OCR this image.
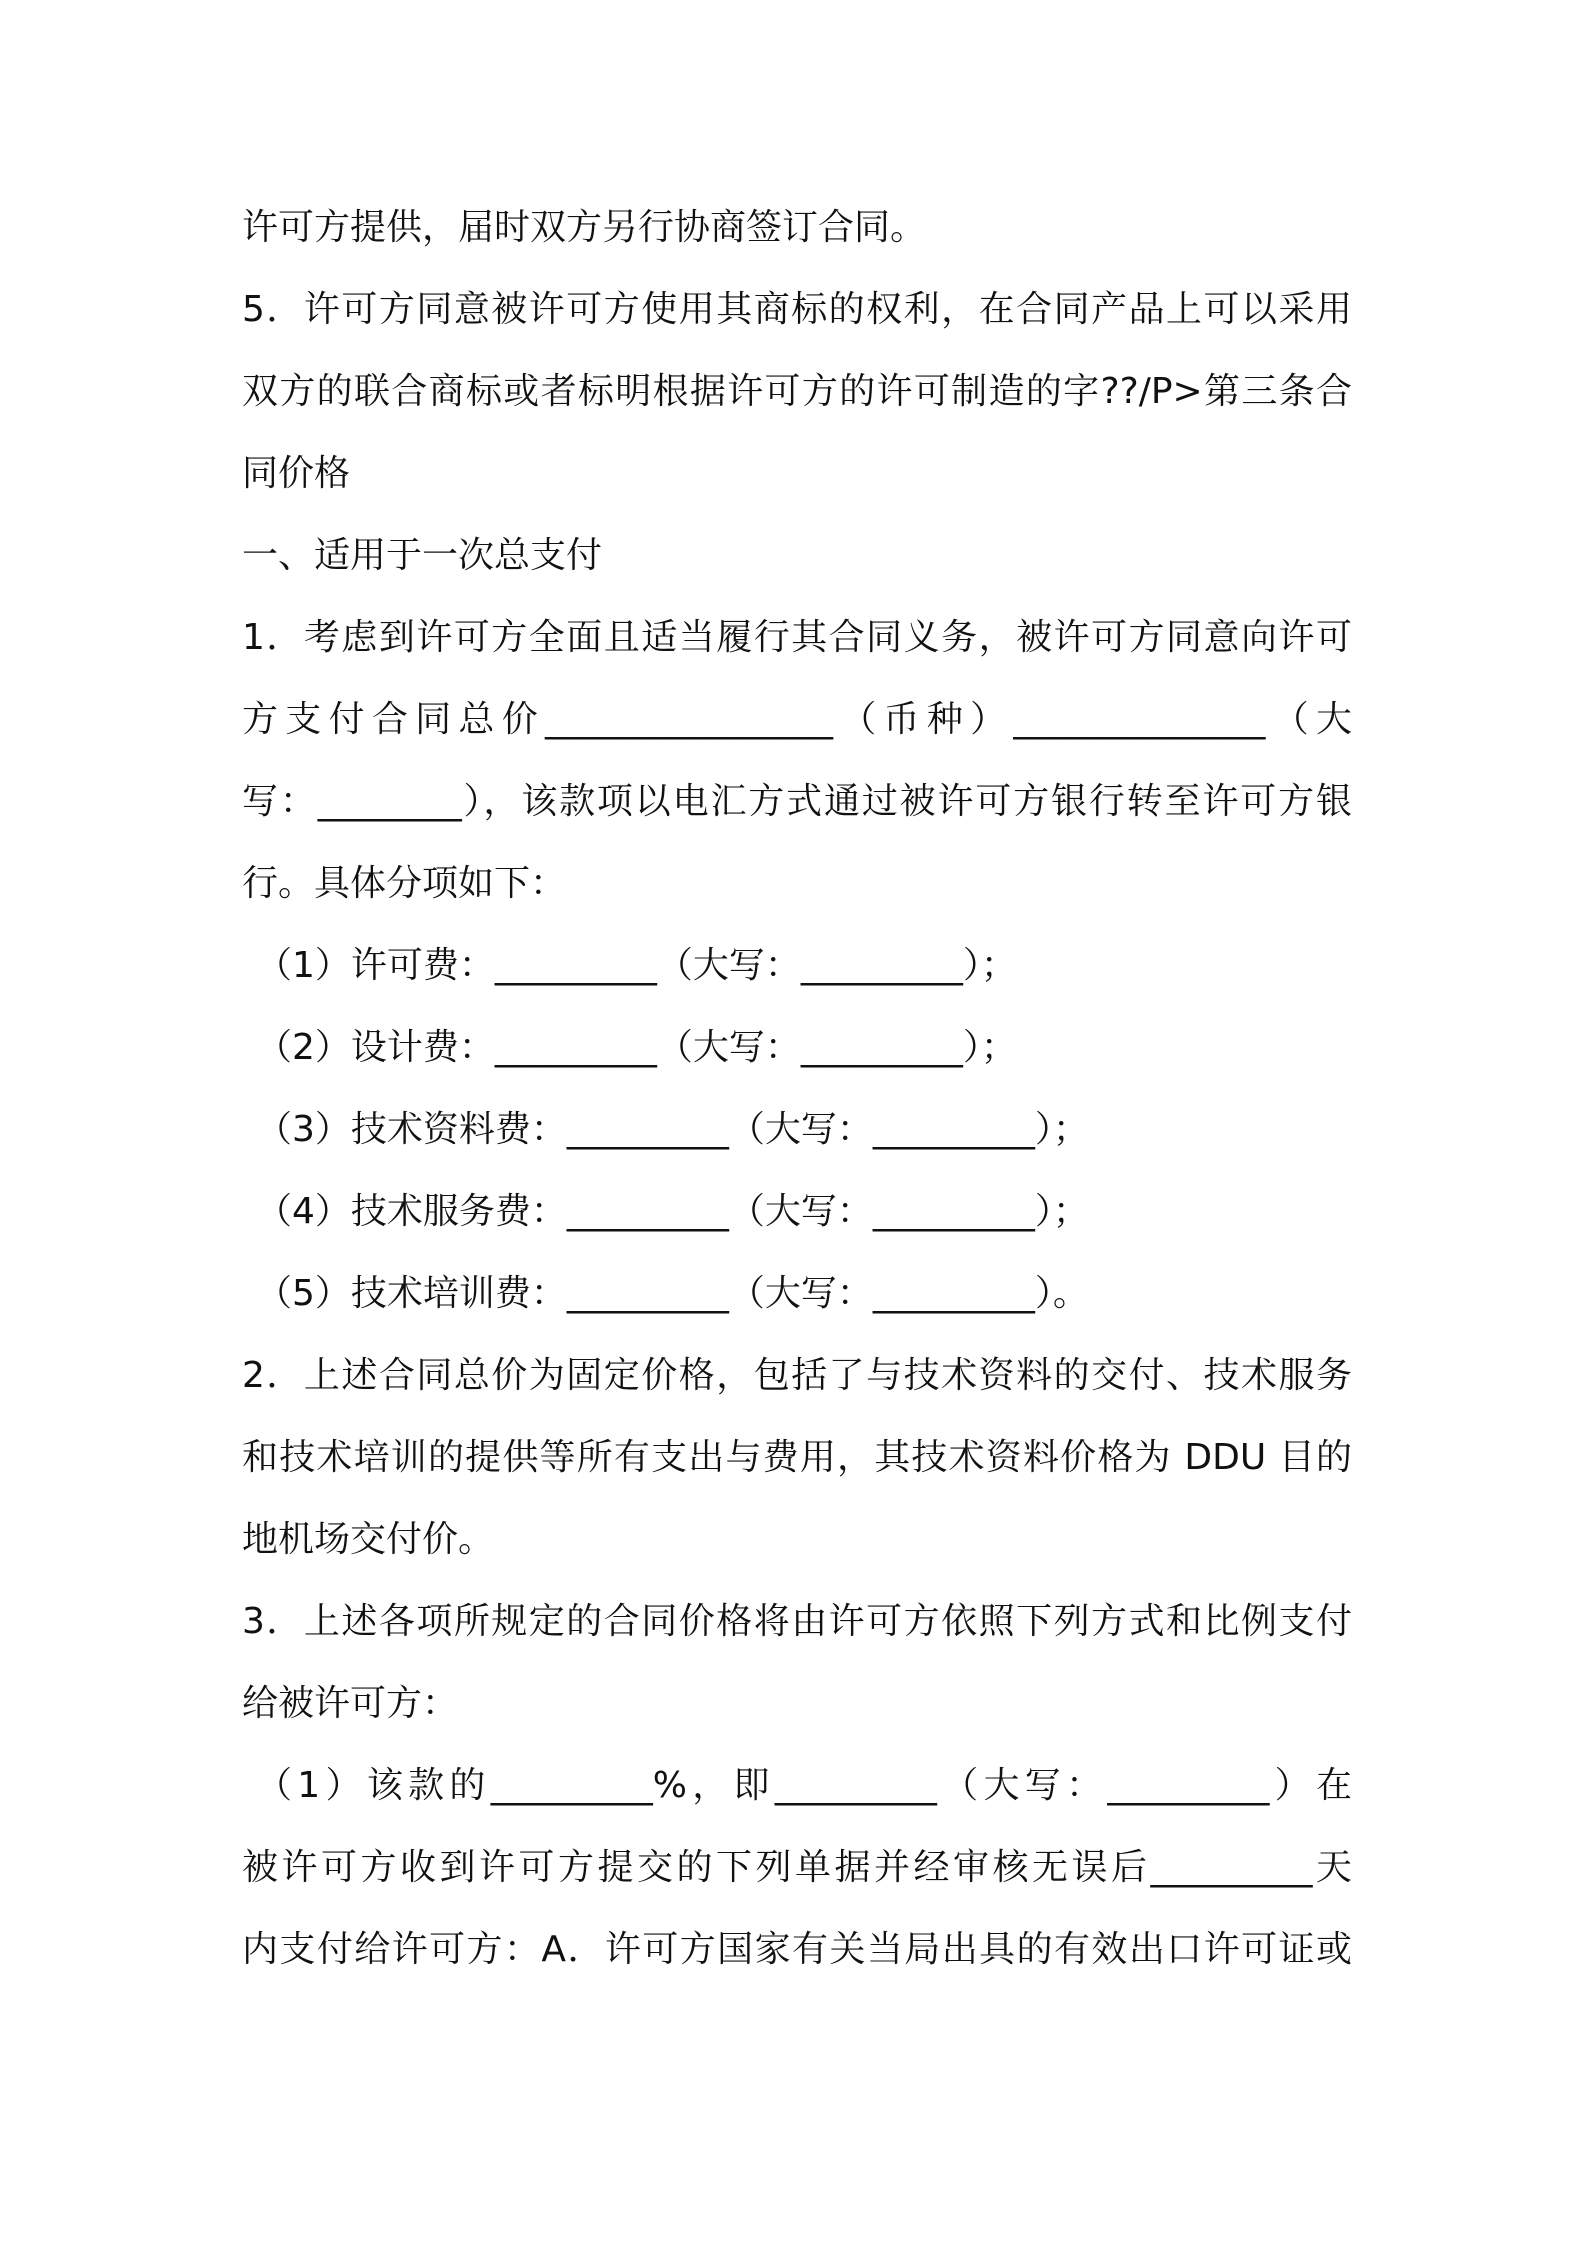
许可方提供，届时双方另行协商签订合同。
5．许可方同意被许可方使用其商标的权利，在合同产品上可以采用
双方的联合商标或者标明根据许可方的许可制造的字??/P>第三条合
同价格
一、适用于一次总支付
1．考虑到许可方全面且适当履行其合同义务，被许可方同意向许可
方支付合同总价________________（币种）______________（大
写：________），该款项以电汇方式通过被许可方银行转至许可方银
行。具体分项如下：
（1）许可费：_________（大写：_________）；
（2）设计费：_________（大写：_________）；
（3）技术资料费：_________（大写：_________）；
（4）技术服务费：_________（大写：_________）；
（5）技术培训费：_________（大写：_________）。
2．上述合同总价为固定价格，包括了与技术资料的交付、技术服务
和技术培训的提供等所有支出与费用，其技术资料价格为 DDU 目的
地机场交付价。
3．上述各项所规定的合同价格将由许可方依照下列方式和比例支付
给被许可方：
（1）该款的_________%，即_________（大写：_________）在
被许可方收到许可方提交的下列单据并经审核无误后_________天
内支付给许可方：A．许可方国家有关当局出具的有效出口许可证或
